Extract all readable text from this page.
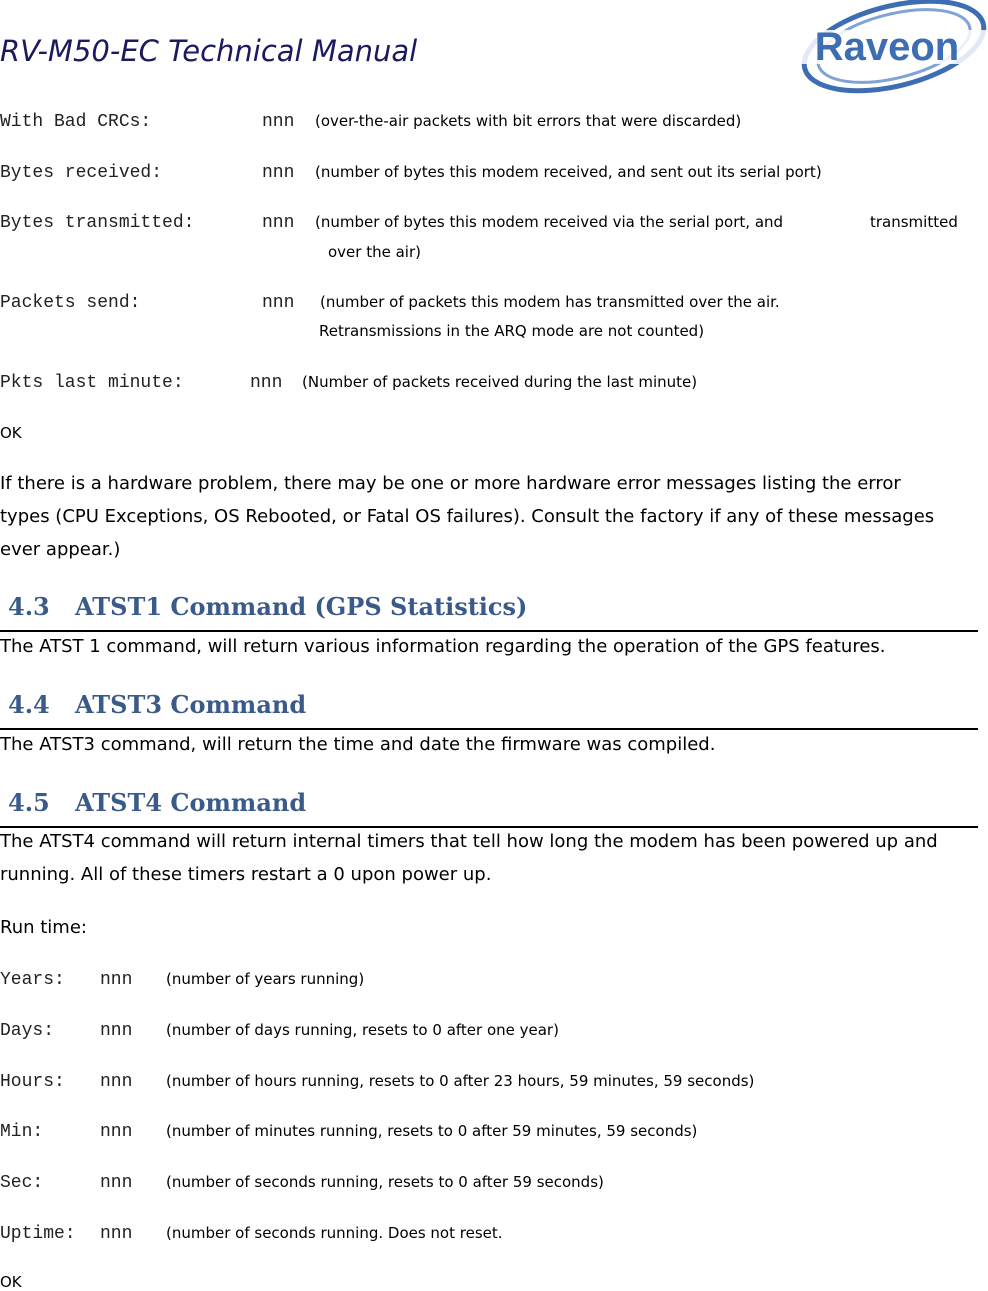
RV-M50-EC Technical Manual	Raveon
With Bad CRCs:	nnn (over-the-air packets with bit errors that were discarded)
Bytes received:	nnn (number of bytes this modem received, and sent out its serial port)
Bytes transmitted:	nnn (number of bytes this modem received via the serial port, and	transmitted
over the air)
Packets send:	nnn (number of packets this modem has transmitted over the air.
Retransmissions in the ARQ mode are not counted)
Pkts last minute:	nnn (Number of packets received during the last minute)
OK
If there is a hardware problem, there may be one or more hardware error messages listing the error
types (CPU Exceptions, OS Rebooted, or Fatal OS failures). Consult the factory if any of these messages
ever appear.)
4.3 ATST1 Command (GPS Statistics)
The ATST 1 command, will return various information regarding the operation of the GPS features.
4.4 ATST3 Command
The ATST3 command, will return the time and date the firmware was compiled.
4.5 ATST4 Command
The ATST4 command will return internal timers that tell how long the modem has been powered up and
running. All of these timers restart a 0 upon power up.
Run time:
Years: nnn (number of years running)
Days:	nnn (number of days running, resets to 0 after one year)
Hours: nnn (number of hours running, resets to 0 after 23 hours, 59 minutes, 59 seconds)
Min:	nnn (number of minutes running, resets to 0 after 59 minutes, 59 seconds)
Sec:	nnn (number of seconds running, resets to 0 after 59 seconds)
Uptime: nnn (number of seconds running. Does not reset.
OK
